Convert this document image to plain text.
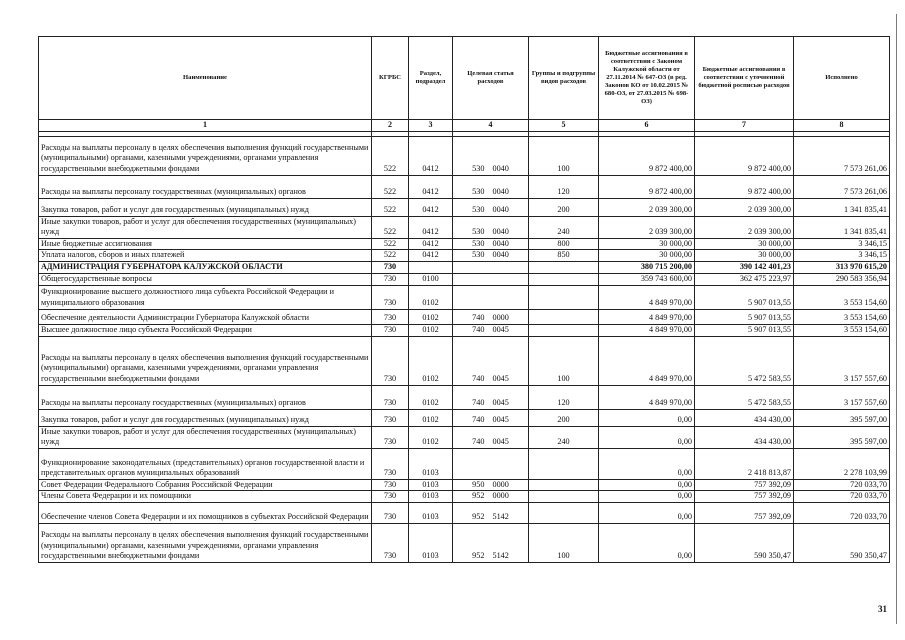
Наименование	КГРБС	Раздел, подраздел	Целевая статья расходов	Группы и подгруппы видов расходов	Бюджетные ассигнования в соответствии с Законом Калужской области от 27.11.2014 № 647-ОЗ (в ред. Законов КО от 10.02.2015 № 680-ОЗ, от 27.03.2015 № 698-ОЗ)	Бюджетные ассигнования в соответствии с уточненной бюджетной росписью расходов	Исполнено
1	2	3	4	5	6	7	8

Расходы на выплаты персоналу в целях обеспечения выполнения функций государственными (муниципальными) органами, казенными учреждениями, органами управления государственными внебюджетными фондами	522	0412	530 0040	100	9 872 400,00	9 872 400,00	7 573 261,06
Расходы на выплаты персоналу государственных (муниципальных) органов	522	0412	530 0040	120	9 872 400,00	9 872 400,00	7 573 261,06
Закупка товаров, работ и услуг для государственных (муниципальных) нужд	522	0412	530 0040	200	2 039 300,00	2 039 300,00	1 341 835,41
Иные закупки товаров, работ и услуг для обеспечения государственных (муниципальных) нужд	522	0412	530 0040	240	2 039 300,00	2 039 300,00	1 341 835,41
Иные бюджетные ассигнования	522	0412	530 0040	800	30 000,00	30 000,00	3 346,15
Уплата налогов, сборов и иных платежей	522	0412	530 0040	850	30 000,00	30 000,00	3 346,15
АДМИНИСТРАЦИЯ ГУБЕРНАТОРА КАЛУЖСКОЙ ОБЛАСТИ	730				380 715 200,00	390 142 401,23	313 970 615,20
Общегосударственные вопросы	730	0100			359 743 600,00	362 475 223,97	290 583 356,94
Функционирование высшего должностного лица субъекта Российской Федерации и муниципального образования	730	0102			4 849 970,00	5 907 013,55	3 553 154,60
Обеспечение деятельности Администрации Губернатора Калужской области	730	0102	740 0000		4 849 970,00	5 907 013,55	3 553 154,60
Высшее должностное лицо субъекта Российской Федерации	730	0102	740 0045		4 849 970,00	5 907 013,55	3 553 154,60
Расходы на выплаты персоналу в целях обеспечения выполнения функций государственными (муниципальными) органами, казенными учреждениями, органами управления государственными внебюджетными фондами	730	0102	740 0045	100	4 849 970,00	5 472 583,55	3 157 557,60
Расходы на выплаты персоналу государственных (муниципальных) органов	730	0102	740 0045	120	4 849 970,00	5 472 583,55	3 157 557,60
Закупка товаров, работ и услуг для государственных (муниципальных) нужд	730	0102	740 0045	200	0,00	434 430,00	395 597,00
Иные закупки товаров, работ и услуг для обеспечения государственных (муниципальных) нужд	730	0102	740 0045	240	0,00	434 430,00	395 597,00
Функционирование законодательных (представительных) органов государственной власти и представительных органов муниципальных образований	730	0103			0,00	2 418 813,87	2 278 103,99
Совет Федерации Федерального Собрания Российской Федерации	730	0103	950 0000		0,00	757 392,09	720 033,70
Члены Совета Федерации и их помощники	730	0103	952 0000		0,00	757 392,09	720 033,70
Обеспечение членов Совета Федерации и их помощников в субъектах Российской Федерации	730	0103	952 5142		0,00	757 392,09	720 033,70
Расходы на выплаты персоналу в целях обеспечения выполнения функций государственными (муниципальными) органами, казенными учреждениями, органами управления государственными внебюджетными фондами	730	0103	952 5142	100	0,00	590 350,47	590 350,47
31
